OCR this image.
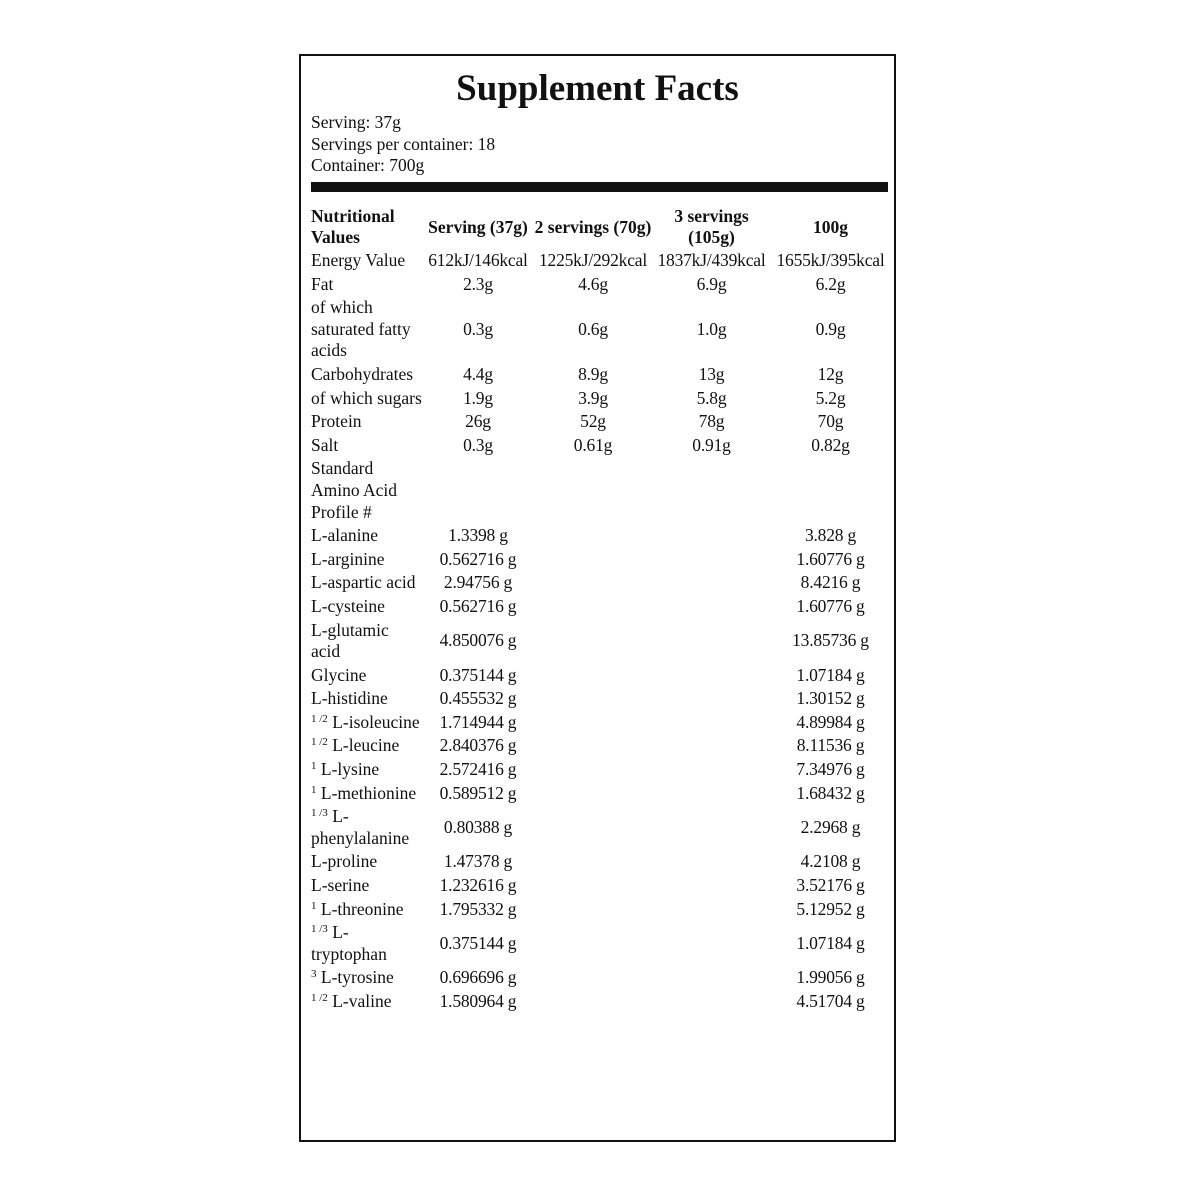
Supplement Facts
Serving: 37g
Servings per container: 18
Container: 700g
Nutritional Values	Serving (37g)	2 servings (70g)	3 servings (105g)	100g
Energy Value	612kJ/146kcal	1225kJ/292kcal	1837kJ/439kcal	1655kJ/395kcal
Fat	2.3g	4.6g	6.9g	6.2g
of which saturated fatty acids	0.3g	0.6g	1.0g	0.9g
Carbohydrates	4.4g	8.9g	13g	12g
of which sugars	1.9g	3.9g	5.8g	5.2g
Protein	26g	52g	78g	70g
Salt	0.3g	0.61g	0.91g	0.82g
Standard Amino Acid Profile #				
L-alanine	1.3398 g			3.828 g
L-arginine	0.562716 g			1.60776 g
L-aspartic acid	2.94756 g			8.4216 g
L-cysteine	0.562716 g			1.60776 g
L-glutamic acid	4.850076 g			13.85736 g
Glycine	0.375144 g			1.07184 g
L-histidine	0.455532 g			1.30152 g
$^{1 /2}$ L-isoleucine	1.714944 g			4.89984 g
$^{1 /2}$ L-leucine	2.840376 g			8.11536 g
$^1$ L-lysine	2.572416 g			7.34976 g
$^1$ L-methionine	0.589512 g			1.68432 g
$^{1 /3}$ L-phenylalanine	0.80388 g			2.2968 g
L-proline	1.47378 g			4.2108 g
L-serine	1.232616 g			3.52176 g
$^1$ L-threonine	1.795332 g			5.12952 g
$^{1 /3}$ L-tryptophan	0.375144 g			1.07184 g
$^3$ L-tyrosine	0.696696 g			1.99056 g
$^{1 /2}$ L-valine	1.580964 g			4.51704 g
